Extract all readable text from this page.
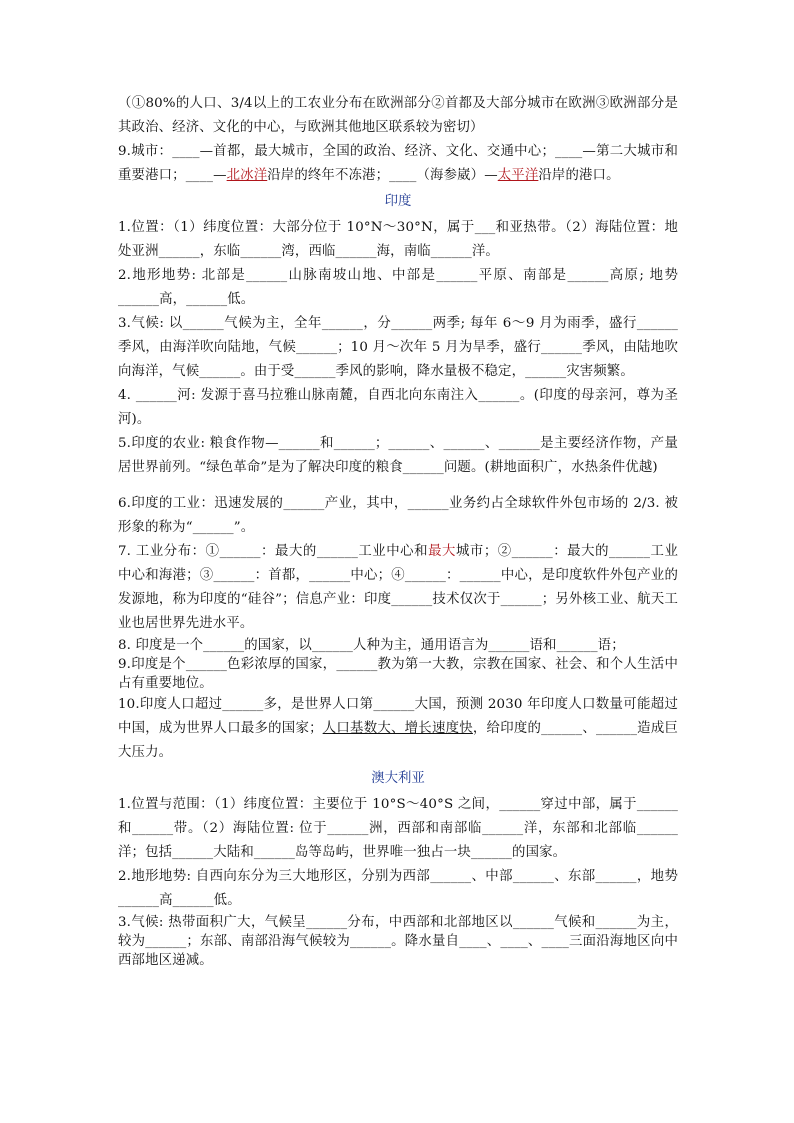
（①80%的人口、3/4以上的工农业分布在欧洲部分②首都及大部分城市在欧洲③欧洲部分是其政治、经济、文化的中心，与欧洲其他地区联系较为密切）

9.城市：____—首都，最大城市，全国的政治、经济、文化、交通中心；____—第二大城市和重要港口；____—北冰洋沿岸的终年不冻港；____（海参崴）—太平洋沿岸的港口。

印度

1.位置：（1）纬度位置：大部分位于 10°N～30°N，属于___和亚热带。（2）海陆位置：地处亚洲______，东临______湾，西临______海，南临______洋。

2.地形地势: 北部是______山脉南坡山地、中部是______平原、南部是______高原; 地势______高，______低。

3.气候: 以______气候为主，全年______，分______两季; 每年 6～9 月为雨季，盛行______季风，由海洋吹向陆地，气候______；10 月～次年 5 月为旱季，盛行______季风，由陆地吹向海洋，气候______。由于受______季风的影响，降水量极不稳定，______灾害频繁。

4. ______河: 发源于喜马拉雅山脉南麓，自西北向东南注入______。(印度的母亲河，尊为圣河)。

5.印度的农业: 粮食作物—______和______；______、______、______是主要经济作物，产量居世界前列。“绿色革命”是为了解决印度的粮食______问题。(耕地面积广，水热条件优越)

6.印度的工业：迅速发展的______产业，其中，______业务约占全球软件外包市场的 2/3. 被形象的称为“______”。

7. 工业分布：①______：最大的______工业中心和最大城市；②______：最大的______工业中心和海港；③______：首都，______中心；④______：______中心，是印度软件外包产业的发源地，称为印度的“硅谷”；信息产业：印度______技术仅次于______；另外核工业、航天工业也居世界先进水平。

8. 印度是一个______的国家，以______人种为主，通用语言为______语和______语；

9.印度是个______色彩浓厚的国家，______教为第一大教，宗教在国家、社会、和个人生活中占有重要地位。

10.印度人口超过______多，是世界人口第______大国，预测 2030 年印度人口数量可能超过中国，成为世界人口最多的国家；人口基数大、增长速度快，给印度的______、______造成巨大压力。

澳大利亚

1.位置与范围：（1）纬度位置：主要位于 10°S～40°S 之间，______穿过中部，属于______和______带。（2）海陆位置: 位于______洲，西部和南部临______洋，东部和北部临______洋；包括______大陆和______岛等岛屿，世界唯一独占一块______的国家。

2.地形地势: 自西向东分为三大地形区，分别为西部______、中部______、东部______，地势______高______低。

3.气候: 热带面积广大，气候呈______分布，中西部和北部地区以______气候和______为主，较为______；东部、南部沿海气候较为______。降水量自____、____、____三面沿海地区向中西部地区递减。
